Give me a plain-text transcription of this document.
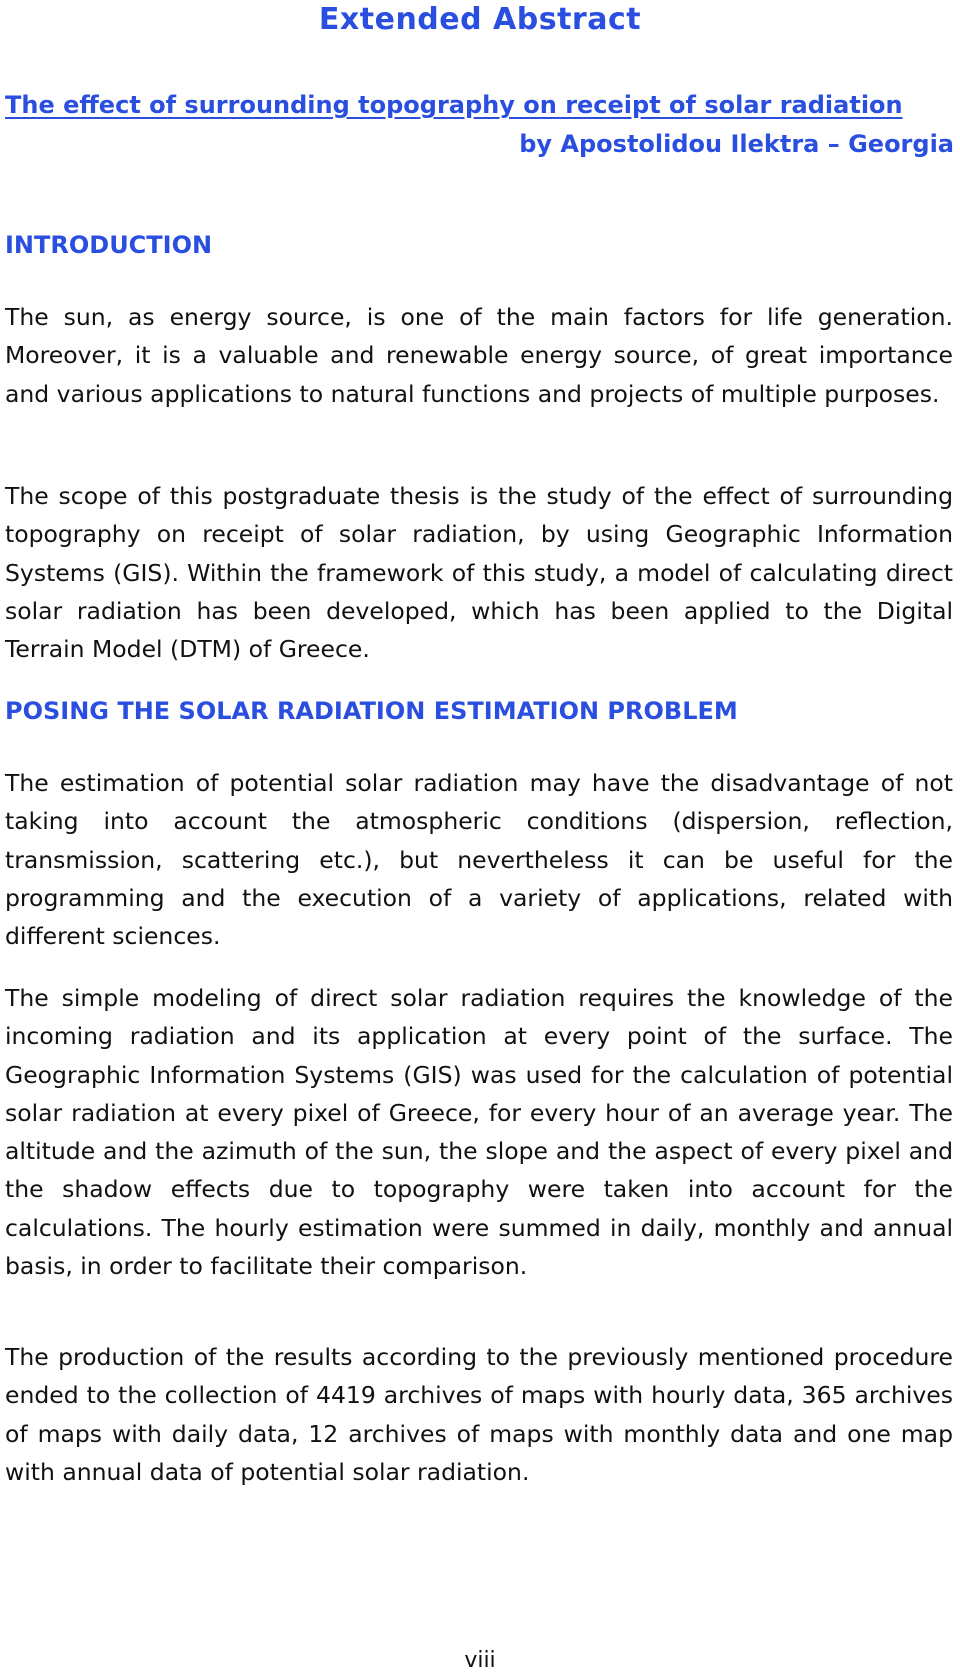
Extended Abstract
The effect of surrounding topography on receipt of solar radiation
by Apostolidou Ilektra – Georgia
INTRODUCTION

The sun, as energy source, is one of the main factors for life generation. Moreover, it is a valuable and renewable energy source, of great importance and various applications to natural functions and projects of multiple purposes.

The scope of this postgraduate thesis is the study of the effect of surrounding topography on receipt of solar radiation, by using Geographic Information Systems (GIS). Within the framework of this study, a model of calculating direct solar radiation has been developed, which has been applied to the Digital Terrain Model (DTM) of Greece.

POSING THE SOLAR RADIATION ESTIMATION PROBLEM

The estimation of potential solar radiation may have the disadvantage of not taking into account the atmospheric conditions (dispersion, reflection, transmission, scattering etc.), but nevertheless it can be useful for the programming and the execution of a variety of applications, related with different sciences.

The simple modeling of direct solar radiation requires the knowledge of the incoming radiation and its application at every point of the surface. The Geographic Information Systems (GIS) was used for the calculation of potential solar radiation at every pixel of Greece, for every hour of an average year. The altitude and the azimuth of the sun, the slope and the aspect of every pixel and the shadow effects due to topography were taken into account for the calculations. The hourly estimation were summed in daily, monthly and annual basis, in order to facilitate their comparison.

The production of the results according to the previously mentioned procedure ended to the collection of 4419 archives of maps with hourly data, 365 archives of maps with daily data, 12 archives of maps with monthly data and one map with annual data of potential solar radiation.

viii
